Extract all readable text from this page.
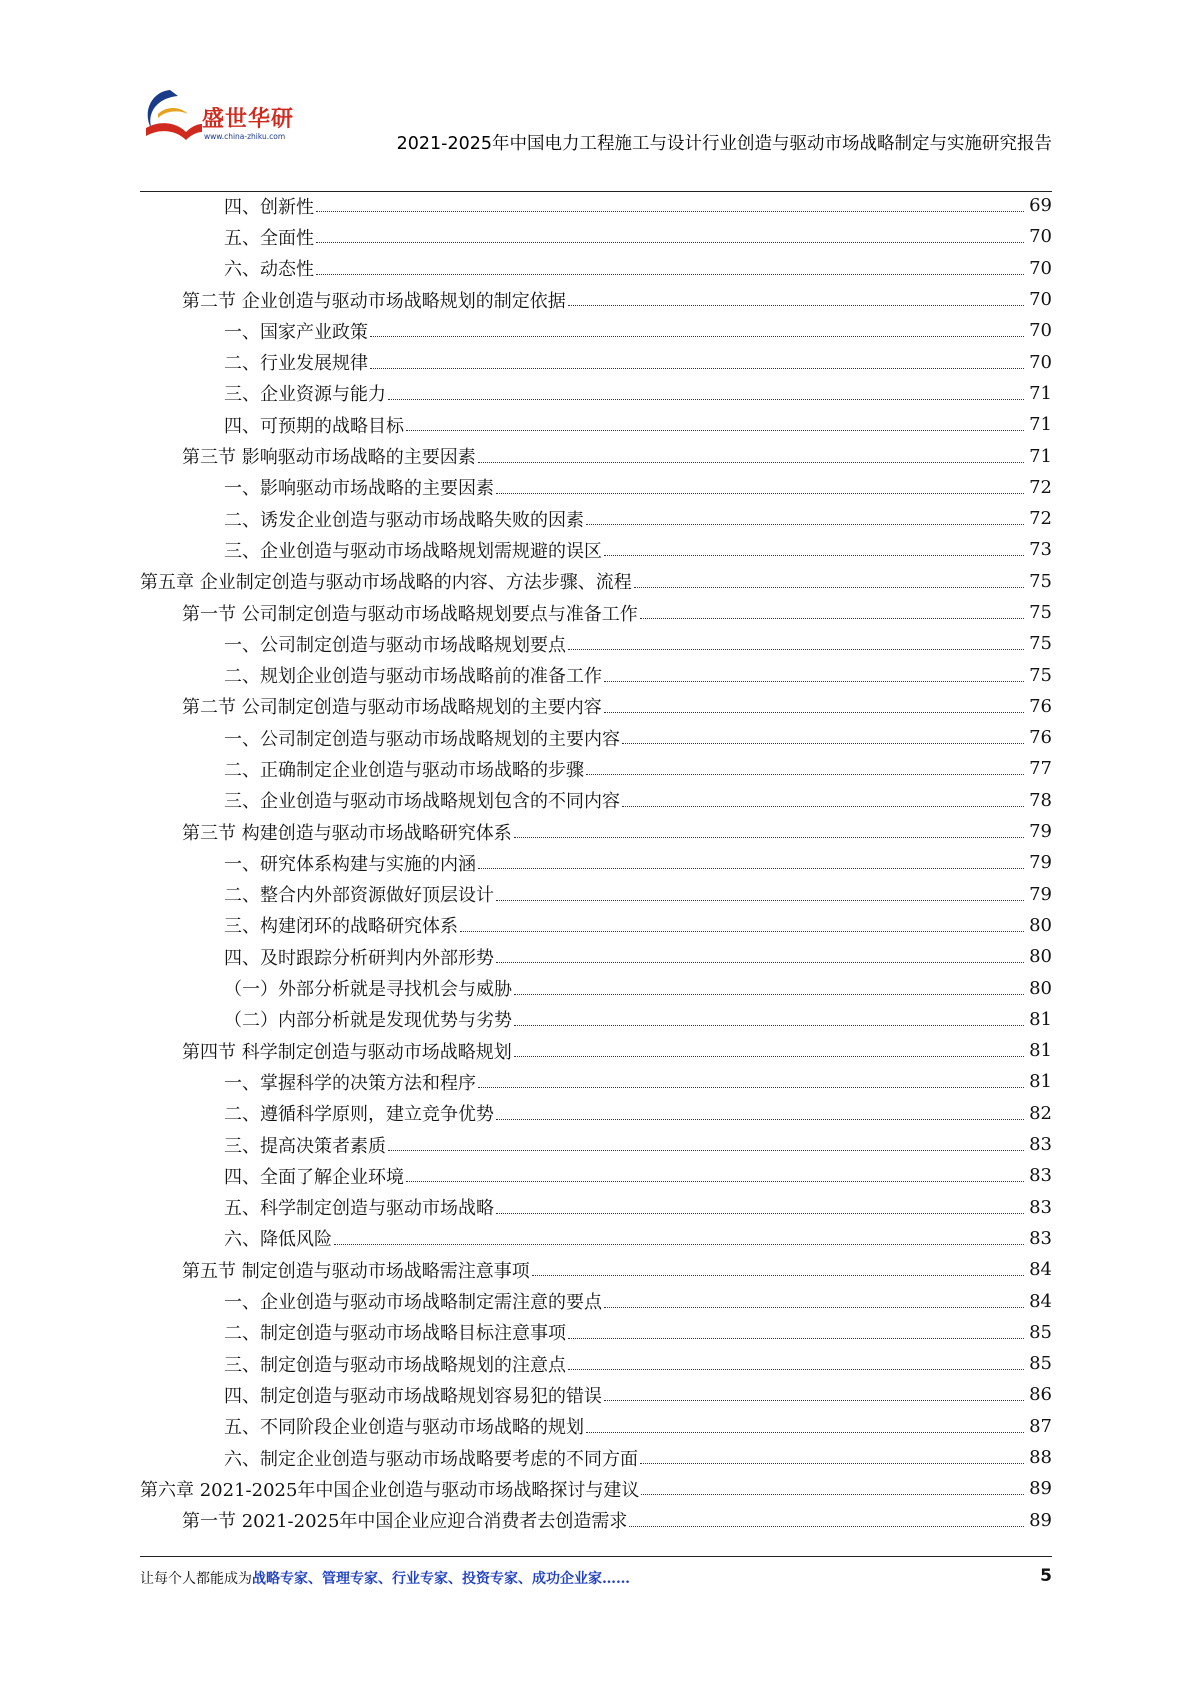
盛世华研
www.china-zhiku.com	2021-2025年中国电力工程施工与设计行业创造与驱动市场战略制定与实施研究报告
四、创新性	69
五、全面性	70
六、动态性	70
第二节 企业创造与驱动市场战略规划的制定依据	70
一、国家产业政策	70
二、行业发展规律	70
三、企业资源与能力	71
四、可预期的战略目标	71
第三节 影响驱动市场战略的主要因素	71
一、影响驱动市场战略的主要因素	72
二、诱发企业创造与驱动市场战略失败的因素	72
三、企业创造与驱动市场战略规划需规避的误区	73
第五章 企业制定创造与驱动市场战略的内容、方法步骤、流程	75
第一节 公司制定创造与驱动市场战略规划要点与准备工作	75
一、公司制定创造与驱动市场战略规划要点	75
二、规划企业创造与驱动市场战略前的准备工作	75
第二节 公司制定创造与驱动市场战略规划的主要内容	76
一、公司制定创造与驱动市场战略规划的主要内容	76
二、正确制定企业创造与驱动市场战略的步骤	77
三、企业创造与驱动市场战略规划包含的不同内容	78
第三节 构建创造与驱动市场战略研究体系	79
一、研究体系构建与实施的内涵	79
二、整合内外部资源做好顶层设计	79
三、构建闭环的战略研究体系	80
四、及时跟踪分析研判内外部形势	80
（一）外部分析就是寻找机会与威胁	80
（二）内部分析就是发现优势与劣势	81
第四节 科学制定创造与驱动市场战略规划	81
一、掌握科学的决策方法和程序	81
二、遵循科学原则，建立竞争优势	82
三、提高决策者素质	83
四、全面了解企业环境	83
五、科学制定创造与驱动市场战略	83
六、降低风险	83
第五节 制定创造与驱动市场战略需注意事项	84
一、企业创造与驱动市场战略制定需注意的要点	84
二、制定创造与驱动市场战略目标注意事项	85
三、制定创造与驱动市场战略规划的注意点	85
四、制定创造与驱动市场战略规划容易犯的错误	86
五、不同阶段企业创造与驱动市场战略的规划	87
六、制定企业创造与驱动市场战略要考虑的不同方面	88
第六章 2021-2025年中国企业创造与驱动市场战略探讨与建议	89
第一节 2021-2025年中国企业应迎合消费者去创造需求	89
让每个人都能成为战略专家、管理专家、行业专家、投资专家、成功企业家……	5
